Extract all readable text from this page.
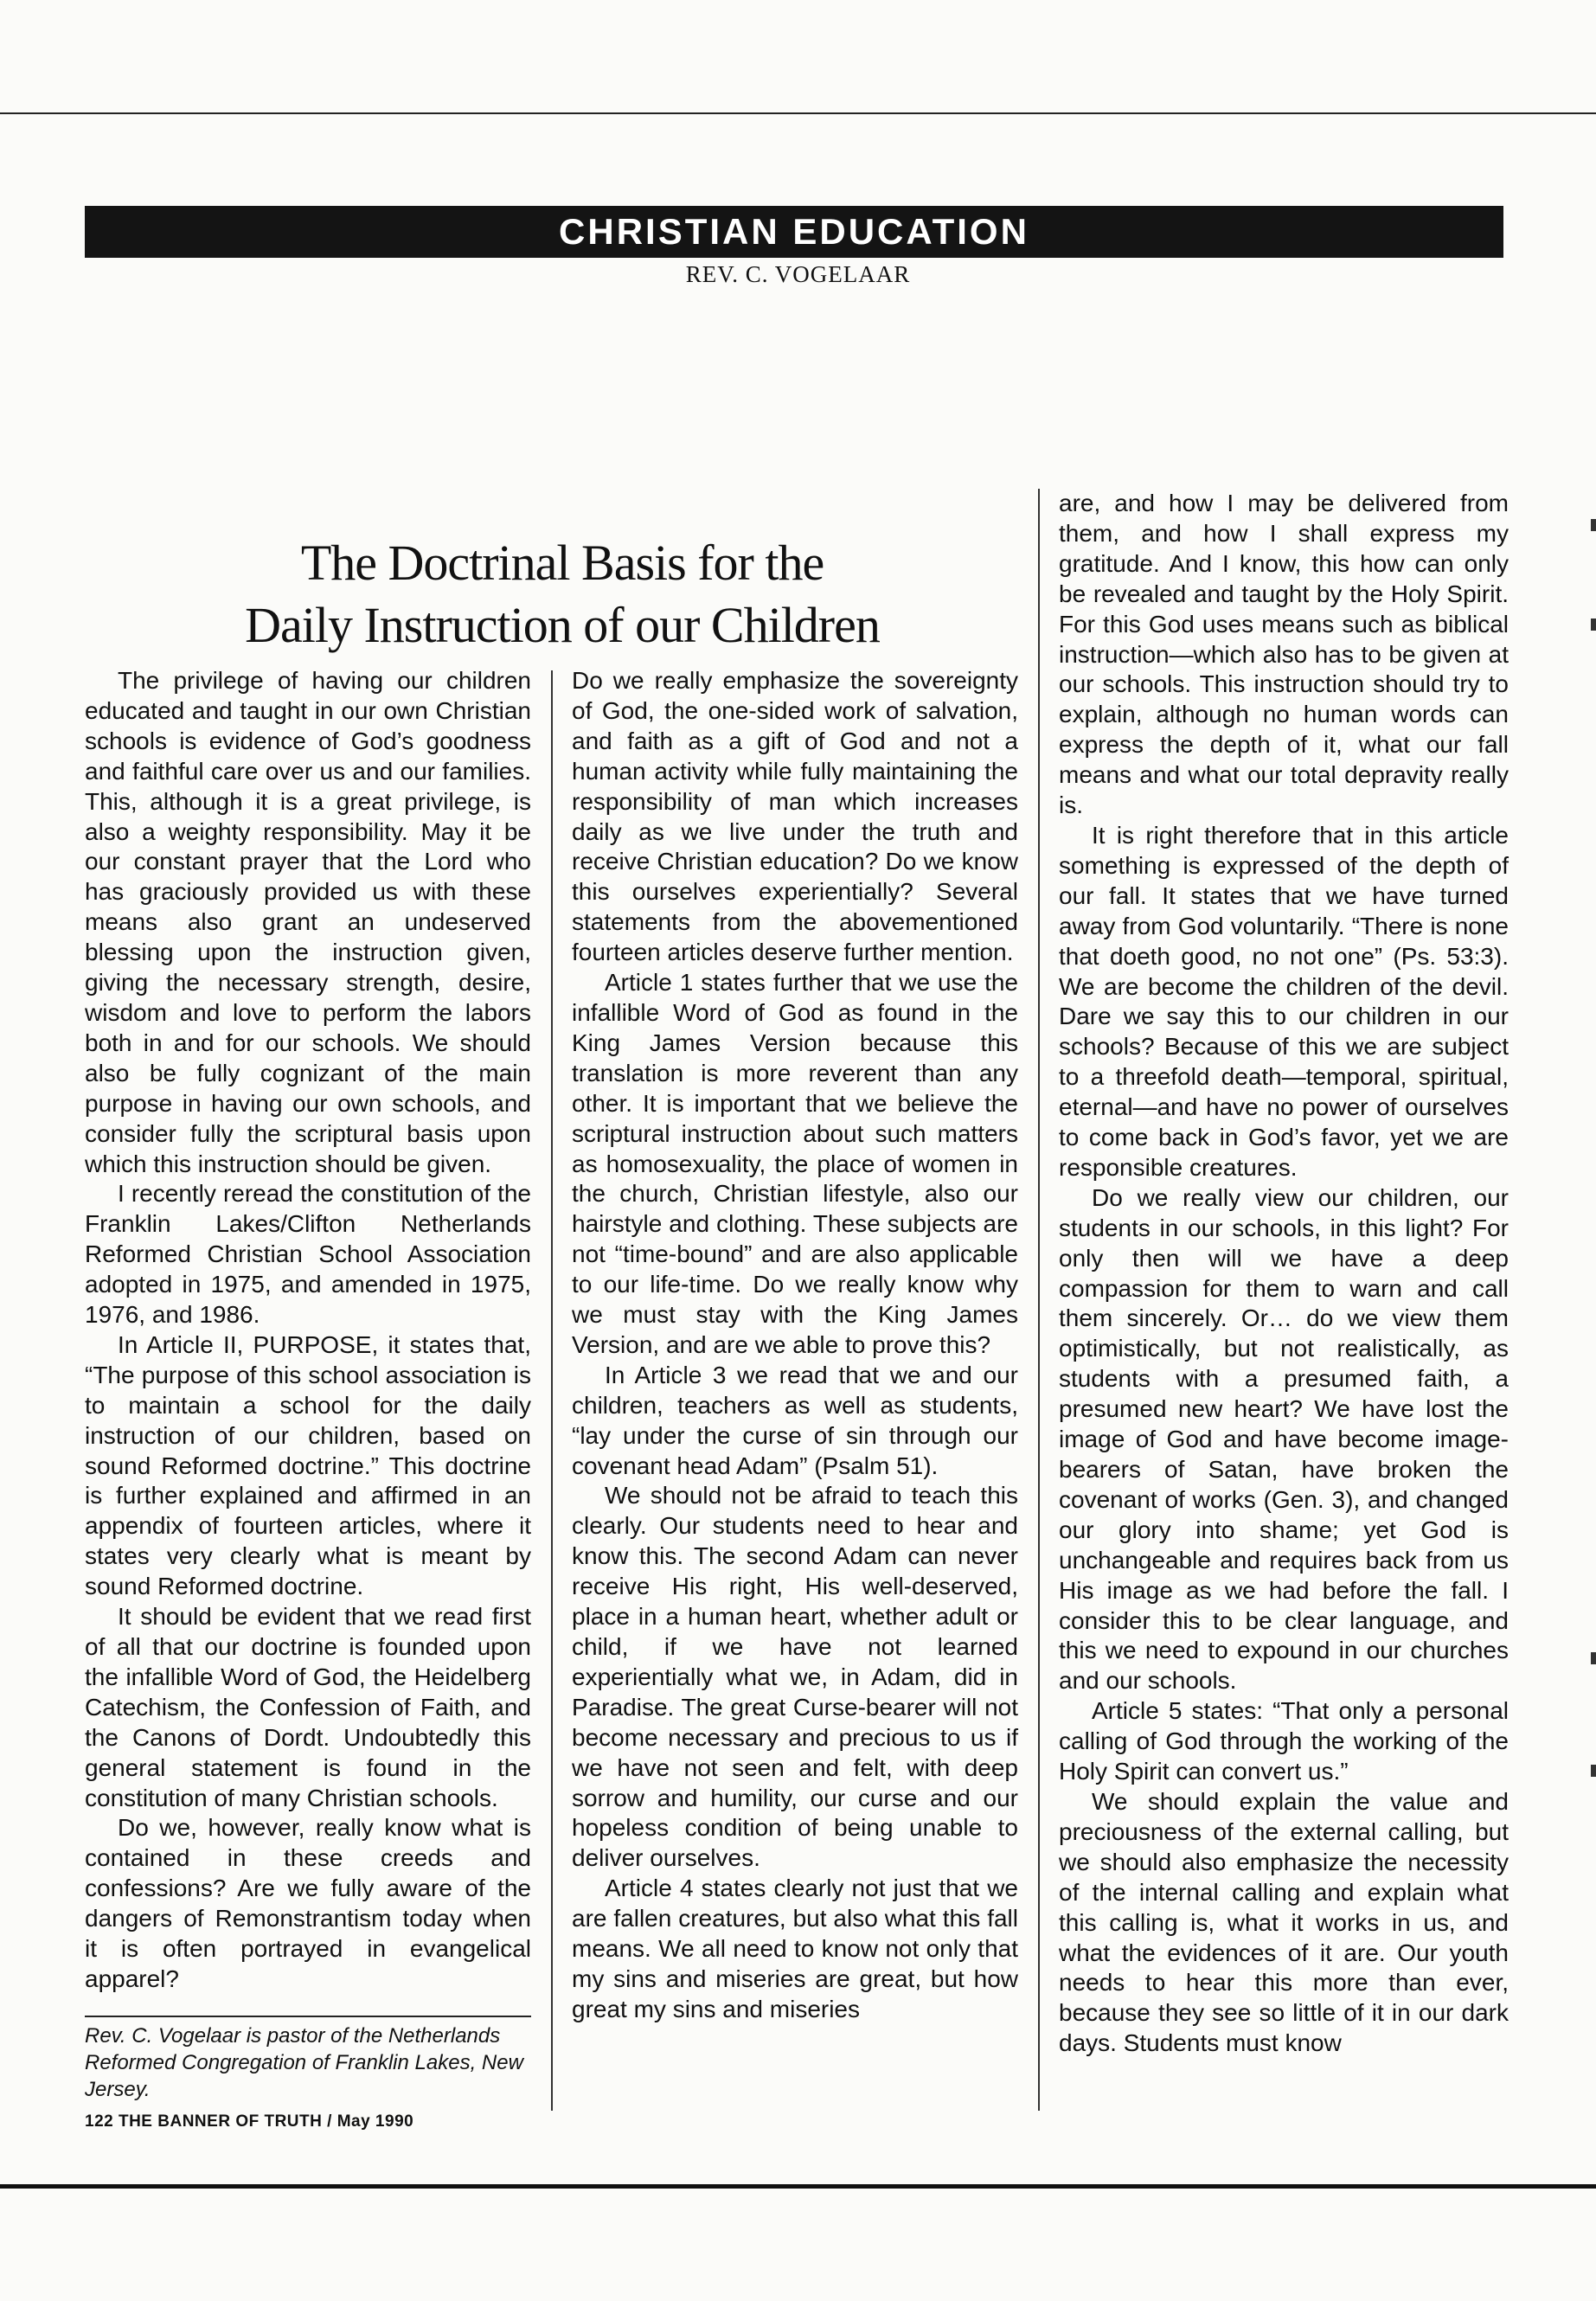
CHRISTIAN EDUCATION
REV. C. VOGELAAR
The Doctrinal Basis for the
Daily Instruction of our Children

The privilege of having our children educated and taught in our own Christian schools is evidence of God’s goodness and faithful care over us and our families. This, although it is a great privilege, is also a weighty responsibility. May it be our constant prayer that the Lord who has graciously provided us with these means also grant an undeserved blessing upon the instruction given, giving the necessary strength, desire, wisdom and love to perform the labors both in and for our schools. We should also be fully cognizant of the main purpose in having our own schools, and consider fully the scriptural basis upon which this instruction should be given.

I recently reread the constitution of the Franklin Lakes/Clifton Netherlands Reformed Christian School Association adopted in 1975, and amended in 1975, 1976, and 1986.

In Article II, PURPOSE, it states that, “The purpose of this school association is to maintain a school for the daily instruction of our children, based on sound Reformed doctrine.” This doctrine is further explained and affirmed in an appendix of fourteen articles, where it states very clearly what is meant by sound Reformed doctrine.

It should be evident that we read first of all that our doctrine is founded upon the infallible Word of God, the Heidelberg Catechism, the Confession of Faith, and the Canons of Dordt. Undoubtedly this general statement is found in the constitution of many Christian schools.

Do we, however, really know what is contained in these creeds and confessions? Are we fully aware of the dangers of Remonstrantism today when it is often portrayed in evangelical apparel?

Do we really emphasize the sovereignty of God, the one-sided work of salvation, and faith as a gift of God and not a human activity while fully maintaining the responsibility of man which increases daily as we live under the truth and receive Christian education? Do we know this ourselves experientially? Several statements from the abovementioned fourteen articles deserve further mention.

Article 1 states further that we use the infallible Word of God as found in the King James Version because this translation is more reverent than any other. It is important that we believe the scriptural instruction about such matters as homosexuality, the place of women in the church, Christian lifestyle, also our hairstyle and clothing. These subjects are not “time-bound” and are also applicable to our life-time. Do we really know why we must stay with the King James Version, and are we able to prove this?

In Article 3 we read that we and our children, teachers as well as students, “lay under the curse of sin through our covenant head Adam” (Psalm 51).

We should not be afraid to teach this clearly. Our students need to hear and know this. The second Adam can never receive His right, His well-deserved, place in a human heart, whether adult or child, if we have not learned experientially what we, in Adam, did in Paradise. The great Curse-bearer will not become necessary and precious to us if we have not seen and felt, with deep sorrow and humility, our curse and our hopeless condition of being unable to deliver ourselves.

Article 4 states clearly not just that we are fallen creatures, but also what this fall means. We all need to know not only that my sins and miseries are great, but how great my sins and miseries

are, and how I may be delivered from them, and how I shall express my gratitude. And I know, this how can only be revealed and taught by the Holy Spirit. For this God uses means such as biblical instruction—which also has to be given at our schools. This instruction should try to explain, although no human words can express the depth of it, what our fall means and what our total depravity really is.

It is right therefore that in this article something is expressed of the depth of our fall. It states that we have turned away from God voluntarily. “There is none that doeth good, no not one” (Ps. 53:3). We are become the children of the devil. Dare we say this to our children in our schools? Because of this we are subject to a threefold death—temporal, spiritual, eternal—and have no power of ourselves to come back in God’s favor, yet we are responsible creatures.

Do we really view our children, our students in our schools, in this light? For only then will we have a deep compassion for them to warn and call them sincerely. Or… do we view them optimistically, but not realistically, as students with a presumed faith, a presumed new heart? We have lost the image of God and have become image-bearers of Satan, have broken the covenant of works (Gen. 3), and changed our glory into shame; yet God is unchangeable and requires back from us His image as we had before the fall. I consider this to be clear language, and this we need to expound in our churches and our schools.

Article 5 states: “That only a personal calling of God through the working of the Holy Spirit can convert us.”

We should explain the value and preciousness of the external calling, but we should also emphasize the necessity of the internal calling and explain what this calling is, what it works in us, and what the evidences of it are. Our youth needs to hear this more than ever, because they see so little of it in our dark days. Students must know

Rev. C. Vogelaar is pastor of the Netherlands Reformed Congregation of Franklin Lakes, New Jersey.
122 THE BANNER OF TRUTH / May 1990
